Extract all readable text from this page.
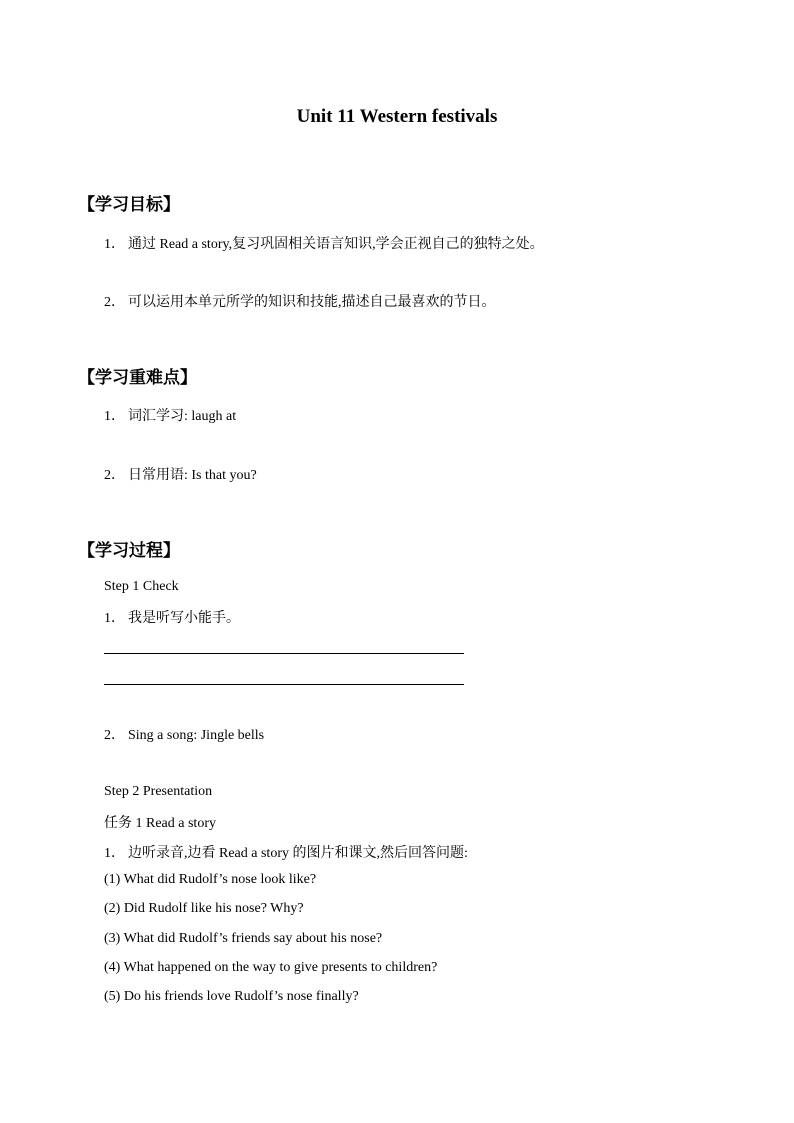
Unit 11 Western festivals
【学习目标】
1． 通过 Read a story,复习巩固相关语言知识,学会正视自己的独特之处。
2． 可以运用本单元所学的知识和技能,描述自己最喜欢的节日。
【学习重难点】
1． 词汇学习: laugh at
2． 日常用语: Is that you?
【学习过程】
Step 1 Check
1． 我是听写小能手。
2． Sing a song: Jingle bells
Step 2 Presentation
任务 1 Read a story
1． 边听录音,边看 Read a story 的图片和课文,然后回答问题:
(1) What did Rudolf’s nose look like?
(2) Did Rudolf like his nose? Why?
(3) What did Rudolf’s friends say about his nose?
(4) What happened on the way to give presents to children?
(5) Do his friends love Rudolf’s nose finally?
